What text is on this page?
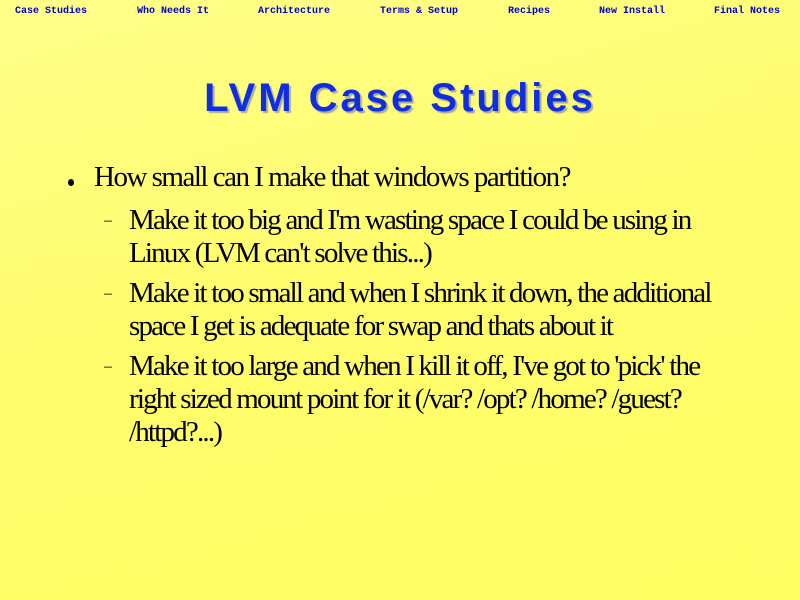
Case Studies	Who Needs It	Architecture	Terms & Setup	Recipes	New Install	Final Notes
LVM Case Studies
How small can I make that windows partition?
– Make it too big and I'm wasting space I could be using in Linux (LVM can't solve this...)
– Make it too small and when I shrink it down, the additional space I get is adequate for swap and thats about it
– Make it too large and when I kill it off, I've got to 'pick' the right sized mount point for it (/var? /opt? /home? /guest? /httpd?...)
